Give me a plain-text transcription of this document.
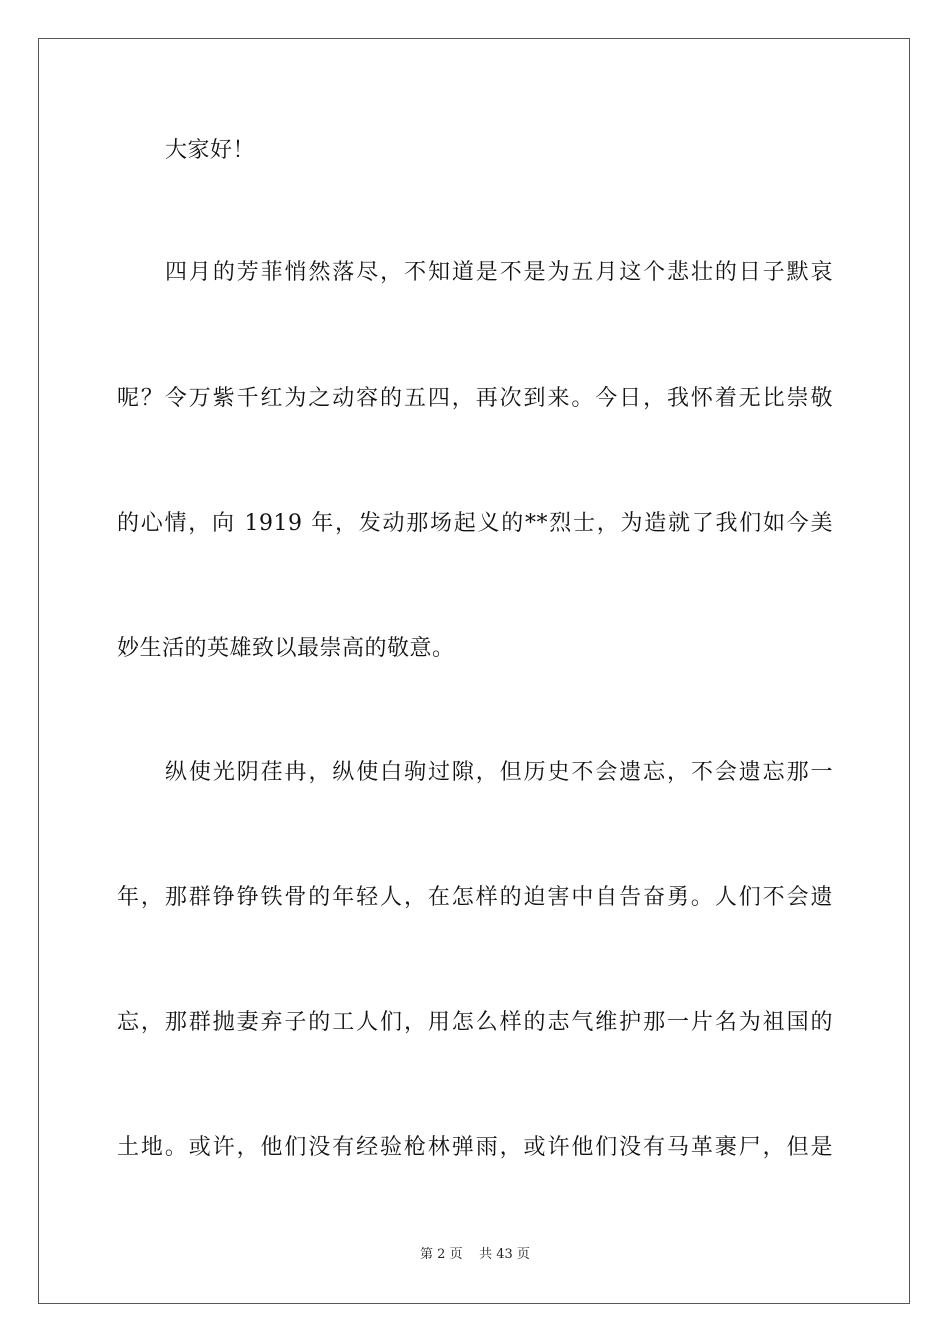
大家好！
四月的芳菲悄然落尽，不知道是不是为五月这个悲壮的日子默哀
呢？令万紫千红为之动容的五四，再次到来。今日，我怀着无比崇敬
的心情，向 1919 年，发动那场起义的**烈士，为造就了我们如今美
妙生活的英雄致以最崇高的敬意。
纵使光阴荏冉，纵使白驹过隙，但历史不会遗忘，不会遗忘那一
年，那群铮铮铁骨的年轻人，在怎样的迫害中自告奋勇。人们不会遗
忘，那群抛妻弃子的工人们，用怎么样的志气维护那一片名为祖国的
土地。或许，他们没有经验枪林弹雨，或许他们没有马革裹尸，但是
第 2 页 共 43 页
